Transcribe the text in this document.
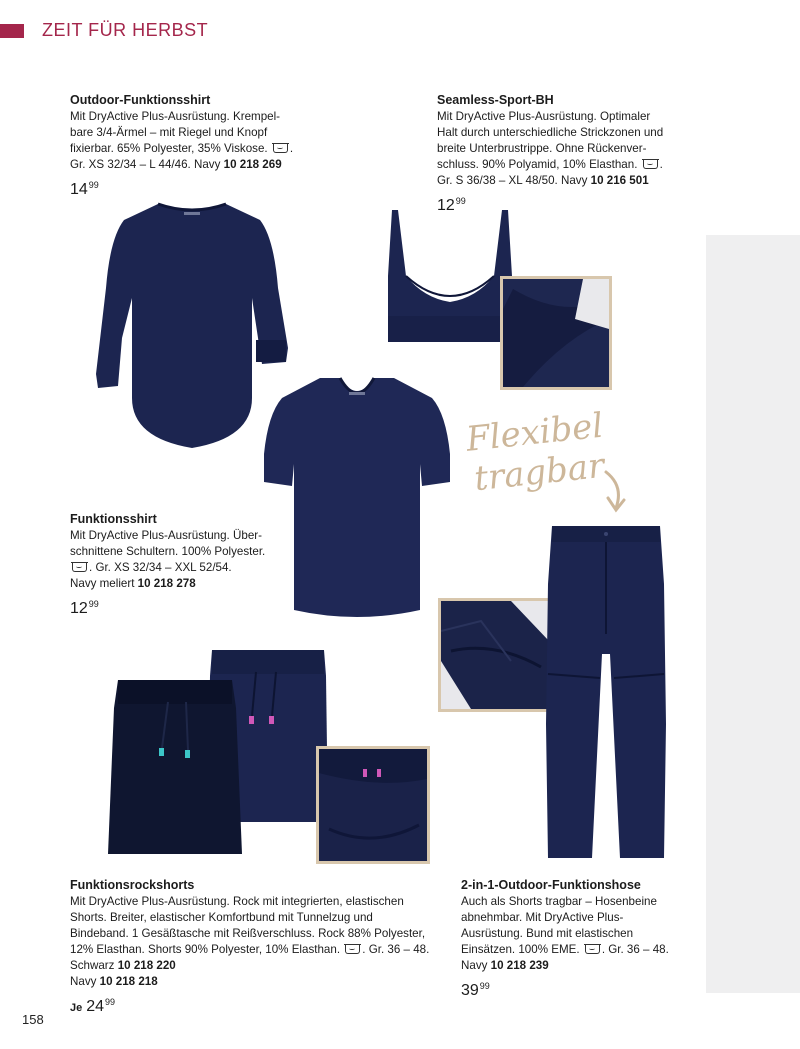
ZEIT FÜR HERBST
Outdoor-Funktionsshirt
Mit DryActive Plus-Ausrüstung. Krempel-
bare 3/4-Ärmel – mit Riegel und Knopf
fixierbar. 65% Polyester, 35% Viskose. .
Gr. XS 32/34 – L 44/46. Navy 10 218 269
$14^{99}$
Seamless-Sport-BH
Mit DryActive Plus-Ausrüstung. Optimaler
Halt durch unterschiedliche Strickzonen und
breite Unterbrustrippe. Ohne Rückenver-
schluss. 90% Polyamid, 10% Elasthan. .
Gr. S 36/38 – XL 48/50. Navy 10 216 501
$12^{99}$
Flexibel
tragbar
Funktionsshirt
Mit DryActive Plus-Ausrüstung. Über-
schnittene Schultern. 100% Polyester.
. Gr. XS 32/34 – XXL 52/54.
Navy meliert 10 218 278
$12^{99}$
Funktionsrockshorts
Mit DryActive Plus-Ausrüstung. Rock mit integrierten, elastischen
Shorts. Breiter, elastischer Komfortbund mit Tunnelzug und
Bindeband. 1 Gesäßtasche mit Reißverschluss. Rock 88% Polyester,
12% Elasthan. Shorts 90% Polyester, 10% Elasthan. . Gr. 36 – 48.
Schwarz 10 218 220
Navy 10 218 218
Je $24^{99}$
2-in-1-Outdoor-Funktionshose
Auch als Shorts tragbar – Hosenbeine
abnehmbar. Mit DryActive Plus-
Ausrüstung. Bund mit elastischen
Einsätzen. 100% EME. . Gr. 36 – 48.
Navy 10 218 239
$39^{99}$
158
